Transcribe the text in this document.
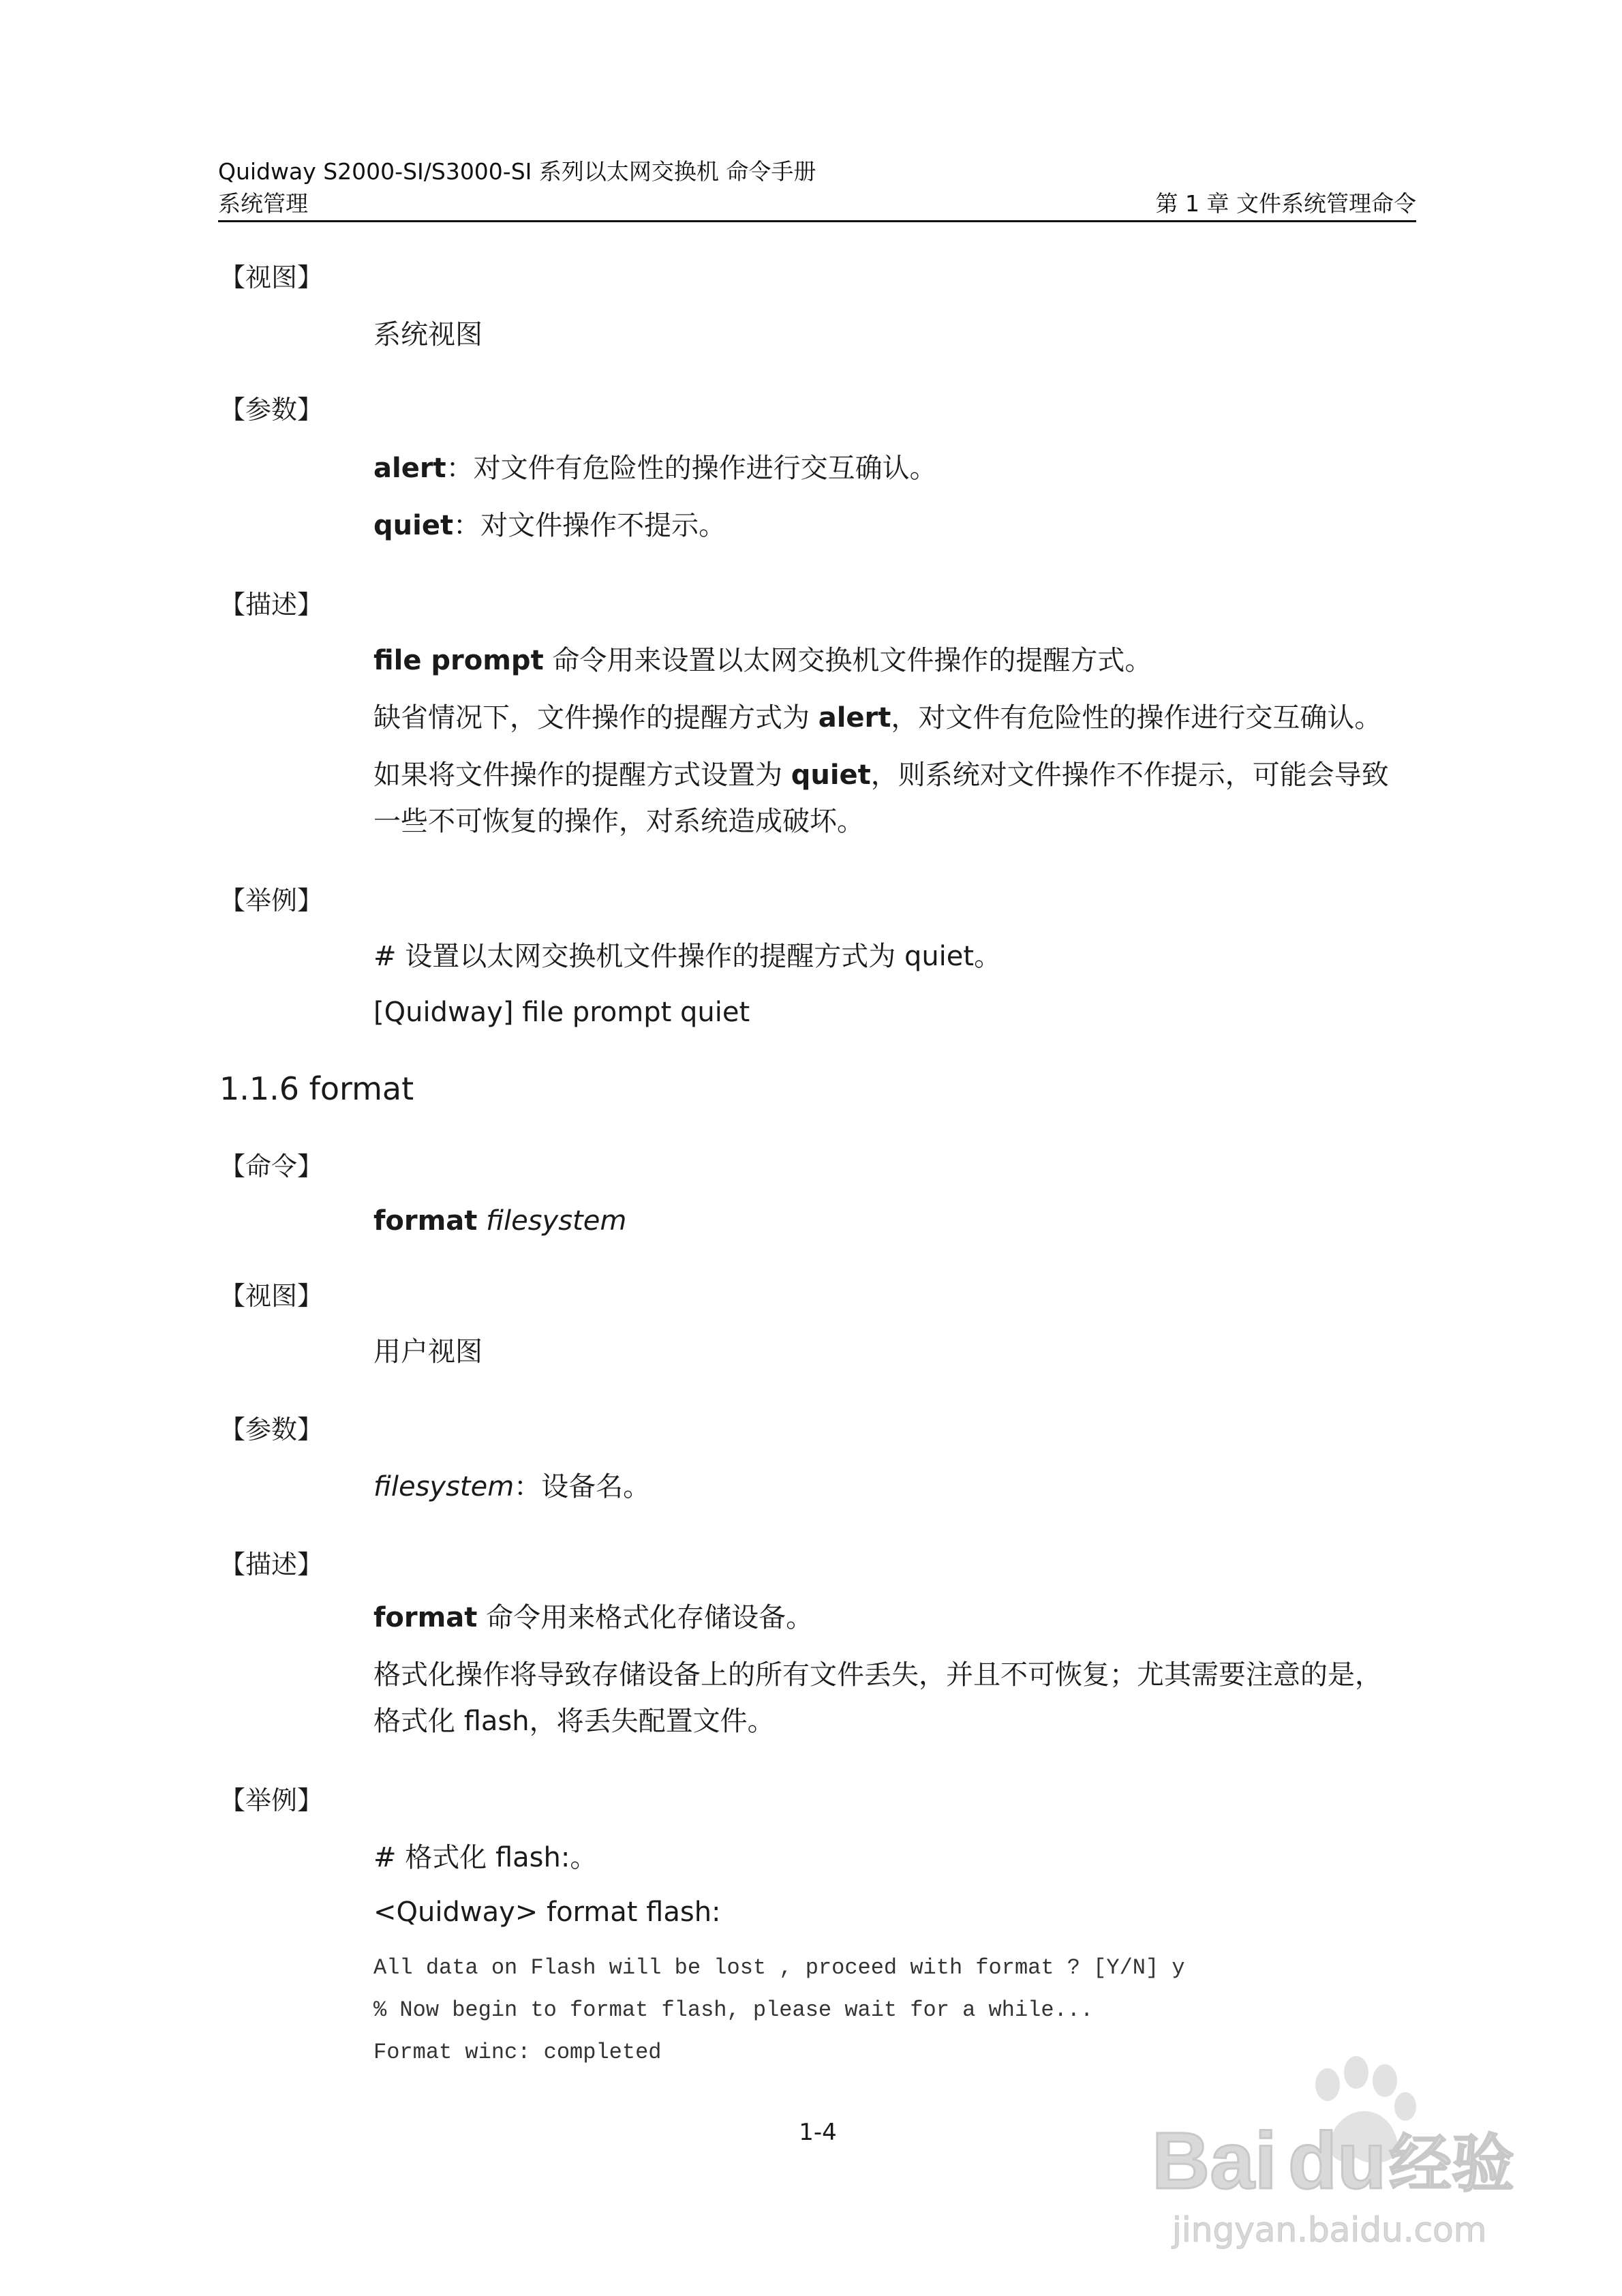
Quidway S2000-SI/S3000-SI 系列以太网交换机 命令手册
系统管理	第 1 章 文件系统管理命令
【视图】
系统视图
【参数】
alert：对文件有危险性的操作进行交互确认。
quiet：对文件操作不提示。
【描述】
file prompt 命令用来设置以太网交换机文件操作的提醒方式。
缺省情况下，文件操作的提醒方式为 alert，对文件有危险性的操作进行交互确认。
如果将文件操作的提醒方式设置为 quiet，则系统对文件操作不作提示，可能会导致
一些不可恢复的操作，对系统造成破坏。
【举例】
# 设置以太网交换机文件操作的提醒方式为 quiet。
[Quidway] file prompt quiet
1.1.6 format
【命令】
format filesystem
【视图】
用户视图
【参数】
filesystem：设备名。
【描述】
format 命令用来格式化存储设备。
格式化操作将导致存储设备上的所有文件丢失，并且不可恢复；尤其需要注意的是，
格式化 flash，将丢失配置文件。
【举例】
# 格式化 flash:。
<Quidway> format flash:
All data on Flash will be lost , proceed with format ? [Y/N] y
% Now begin to format flash, please wait for a while...
Format winc: completed
1-4	Bai du 经验
jingyan.baidu.com
